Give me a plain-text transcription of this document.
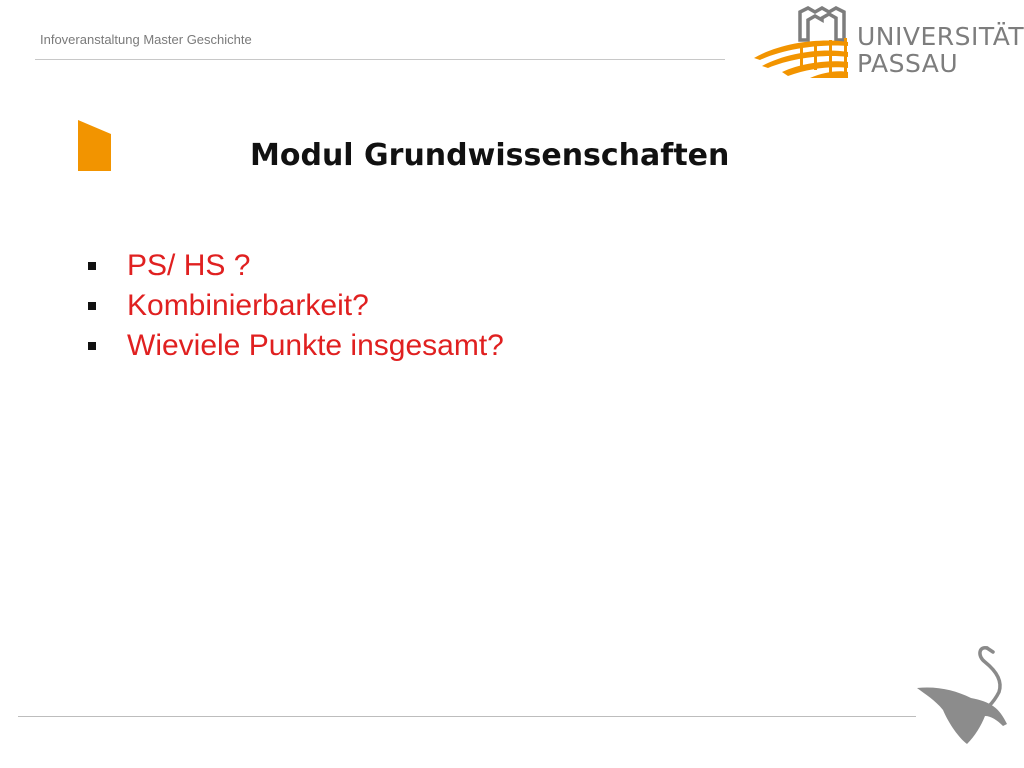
Infoveranstaltung Master Geschichte	UNIVERSITÄT
PASSAU
Modul Grundwissenschaften
PS/ HS ?
Kombinierbarkeit?
Wieviele Punkte insgesamt?
